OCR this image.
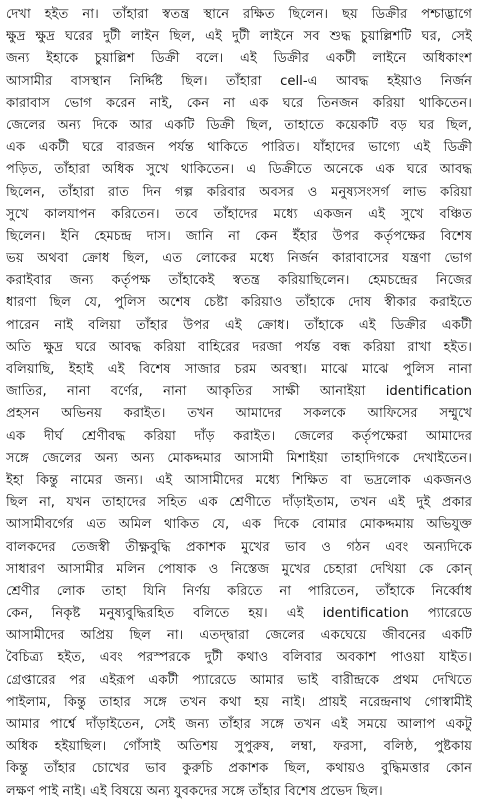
দেখা হইত না। তাঁহারা স্বতন্ত্র স্থানে রক্ষিত ছিলেন। ছয় ডিক্রীর পশ্চাদ্ভাগে
ক্ষুদ্র ক্ষুদ্র ঘরের দুটী লাইন ছিল, এই দুটী লাইনে সব শুদ্ধ চুয়াল্লিশটি ঘর, সেই
জন্য ইহাকে চুয়াল্লিশ ডিক্রী বলে। এই ডিক্রীর একটী লাইনে অধিকাংশ
আসামীর বাসস্থান নিৰ্দ্দিষ্ট ছিল। তাঁহারা cell-এ আবদ্ধ হইয়াও নির্জন
কারাবাস ভোগ করেন নাই, কেন না এক ঘরে তিনজন করিয়া থাকিতেন।
জেলের অন্য দিকে আর একটি ডিক্রী ছিল, তাহাতে কয়েকটি বড় ঘর ছিল,
এক একটী ঘরে বারজন পর্যন্ত থাকিতে পারিত। যাঁহাদের ভাগ্যে এই ডিক্রী
পড়িত, তাঁহারা অধিক সুখে থাকিতেন। এ ডিক্রীতে অনেকে এক ঘরে আবদ্ধ
ছিলেন, তাঁহারা রাত দিন গল্প করিবার অবসর ও মনুষ্যসংসর্গ লাভ করিয়া
সুখে কালযাপন করিতেন। তবে তাঁহাদের মধ্যে একজন এই সুখে বঞ্চিত
ছিলেন। ইনি হেমচন্দ্র দাস। জানি না কেন ইঁহার উপর কর্তৃপক্ষের বিশেষ
ভয় অথবা ক্রোধ ছিল, এত লোকের মধ্যে নির্জন কারাবাসের যন্ত্রণা ভোগ
করাইবার জন্য কর্তৃপক্ষ তাঁহাকেই স্বতন্ত্র করিয়াছিলেন। হেমচন্দ্রের নিজের
ধারণা ছিল যে, পুলিস অশেষ চেষ্টা করিয়াও তাঁহাকে দোষ স্বীকার করাইতে
পারেন নাই বলিয়া তাঁহার উপর এই ক্রোধ। তাঁহাকে এই ডিক্রীর একটী
অতি ক্ষুদ্র ঘরে আবদ্ধ করিয়া বাহিরের দরজা পর্যন্ত বন্ধ করিয়া রাখা হইত।
বলিয়াছি, ইহাই এই বিশেষ সাজার চরম অবস্থা। মাঝে মাঝে পুলিস নানা
জাতির, নানা বর্ণের, নানা আকৃতির সাক্ষী আনাইয়া identification
প্রহসন অভিনয় করাইত। তখন আমাদের সকলকে আফিসের সম্মুখে
এক দীর্ঘ শ্রেণীবদ্ধ করিয়া দাঁড় করাইত। জেলের কর্তৃপক্ষেরা আমাদের
সঙ্গে জেলের অন্য অন্য মোকদ্দমার আসামী মিশাইয়া তাহাদিগকে দেখাইতেন।
ইহা কিন্তু নামের জন্য। এই আসামীদের মধ্যে শিক্ষিত বা ভদ্রলোক একজনও
ছিল না, যখন তাহাদের সহিত এক শ্রেণীতে দাঁড়াইতাম, তখন এই দুই প্রকার
আসামীবর্গের এত অমিল থাকিত যে, এক দিকে বোমার মোকদ্দমায় অভিযুক্ত
বালকদের তেজস্বী তীক্ষ্ণবুদ্ধি প্রকাশক মুখের ভাব ও গঠন এবং অন্যদিকে
সাধারণ আসামীর মলিন পোষাক ও নিস্তেজ মুখের চেহারা দেখিয়া কে কোন্
শ্রেণীর লোক তাহা যিনি নির্ণয় করিতে না পারিতেন, তাঁহাকে নির্ব্বোধ
কেন, নিকৃষ্ট মনুষ্যবুদ্ধিরহিত বলিতে হয়। এই identification প্যারেডে
আসামীদের অপ্রিয় ছিল না। এতদ্দ্বারা জেলের একঘেয়ে জীবনের একটি
বৈচিত্র্য হইত, এবং পরস্পরকে দুটী কথাও বলিবার অবকাশ পাওয়া যাইত।
গ্রেপ্তারের পর এইরূপ একটী প্যারেডে আমার ভাই বারীন্দ্রকে প্রথম দেখিতে
পাইলাম, কিন্তু তাহার সঙ্গে তখন কথা হয় নাই। প্রায়ই নরেন্দ্রনাথ গোস্বামীই
আমার পার্শ্বে দাঁড়াইতেন, সেই জন্য তাঁহার সঙ্গে তখন এই সময়ে আলাপ একটু
অধিক হইয়াছিল। গোঁসাই অতিশয় সুপুরুষ, লম্বা, ফরসা, বলিষ্ঠ, পুষ্টকায়
কিন্তু তাঁহার চোখের ভাব কুরুচি প্রকাশক ছিল, কথায়ও বুদ্ধিমত্তার কোন
লক্ষণ পাই নাই। এই বিষয়ে অন্য যুবকদের সঙ্গে তাঁহার বিশেষ প্রভেদ ছিল।
